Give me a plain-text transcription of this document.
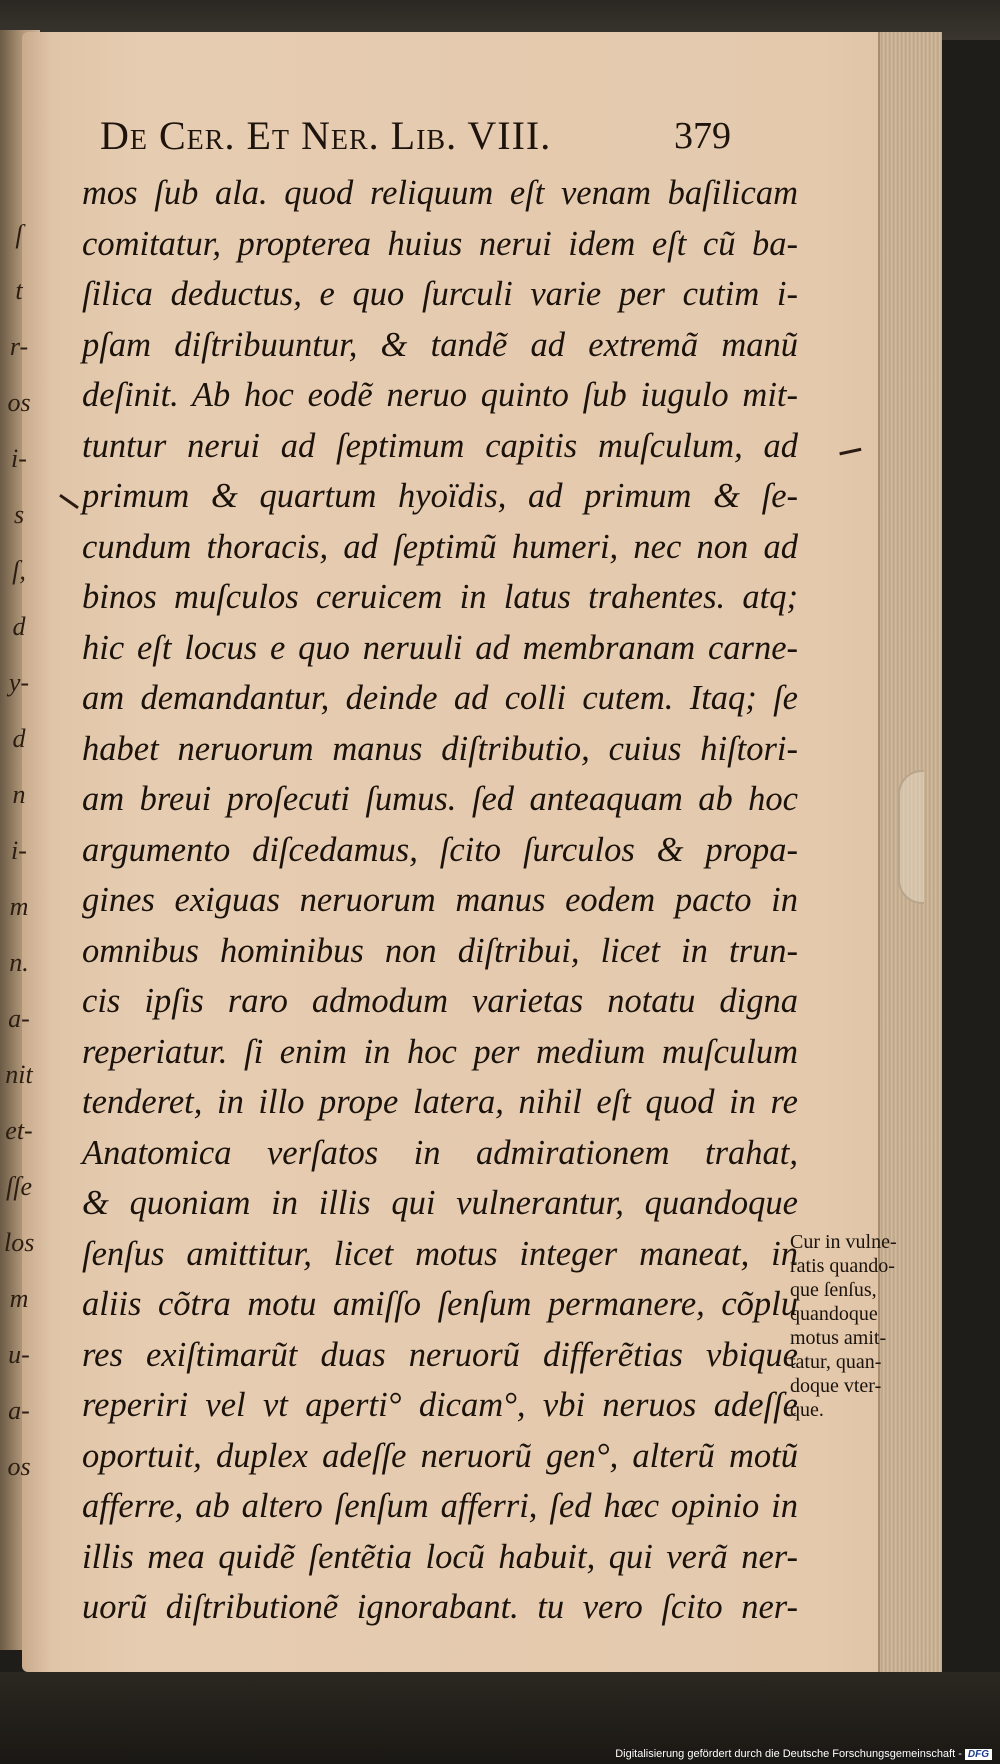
ſ
t
r-
os
i-
s
ſ,
d
y-
d
n
i-
m
n.
a-
nit
et-
ſſe
los
m
u-
a-
os
De Cer. Et Ner. Lib. VIII.	379
mos ſub ala. quod reliquum eſt venam baſilicam
comitatur, propterea huius nerui idem eſt cũ ba-
ſilica deductus, e quo ſurculi varie per cutim i-
pſam diſtribuuntur, & tandẽ ad extremã manũ
deſinit. Ab hoc eodẽ neruo quinto ſub iugulo mit-
tuntur nerui ad ſeptimum capitis muſculum, ad
primum & quartum hyoïdis, ad primum & ſe-
cundum thoracis, ad ſeptimũ humeri, nec non ad
binos muſculos ceruicem in latus trahentes. atq;
hic eſt locus e quo neruuli ad membranam carne-
am demandantur, deinde ad colli cutem. Itaq; ſe
habet neruorum manus diſtributio, cuius hiſtori-
am breui proſecuti ſumus. ſed anteaquam ab hoc
argumento diſcedamus, ſcito ſurculos & propa-
gines exiguas neruorum manus eodem pacto in
omnibus hominibus non diſtribui, licet in trun-
cis ipſis raro admodum varietas notatu digna
reperiatur. ſi enim in hoc per medium muſculum
tenderet, in illo prope latera, nihil eſt quod in re
Anatomica verſatos in admirationem trahat,
& quoniam in illis qui vulnerantur, quandoque
ſenſus amittitur, licet motus integer maneat, in
aliis cõtra motu amiſſo ſenſum permanere, cõplu
res exiſtimarũt duas neruorũ differẽtias vbique
reperiri vel vt aperti° dicam°, vbi neruos adeſſe
oportuit, duplex adeſſe neruorũ gen°, alterũ motũ
afferre, ab altero ſenſum afferri, ſed hæc opinio in
illis mea quidẽ ſentẽtia locũ habuit, qui verã ner-
uorũ diſtributionẽ ignorabant. tu vero ſcito ner-
Cur in vulne-
ratis quando-
que ſenſus,
quandoque
motus amit-
tatur, quan-
doque vter-
que.
Digitalisierung gefördert durch die Deutsche Forschungsgemeinschaft - DFG
